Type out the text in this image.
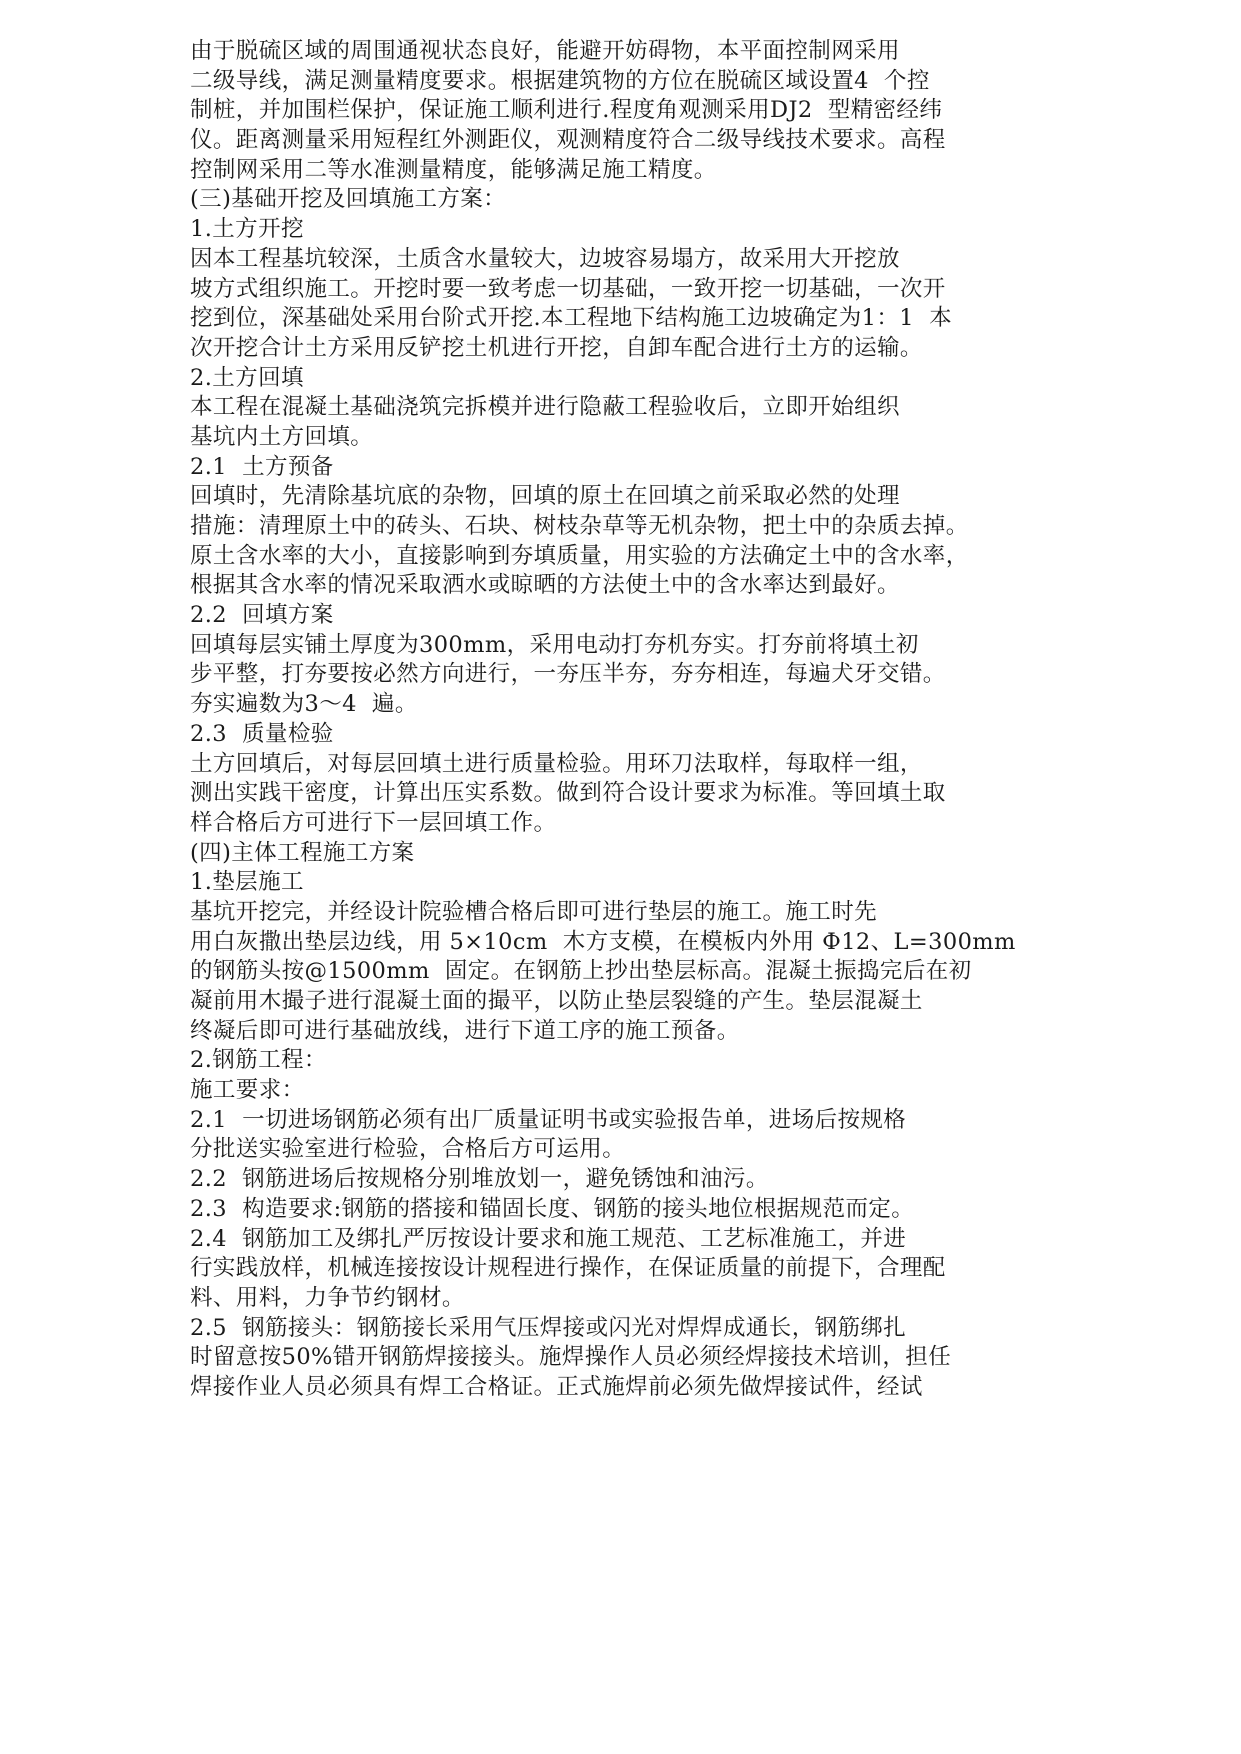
由于脱硫区域的周围通视状态良好，能避开妨碍物，本平面控制网采用
二级导线，满足测量精度要求。根据建筑物的方位在脱硫区域设置4  个控
制桩，并加围栏保护，保证施工顺利进行.程度角观测采用DJ2  型精密经纬
仪。距离测量采用短程红外测距仪，观测精度符合二级导线技术要求。高程
控制网采用二等水准测量精度，能够满足施工精度。
(三)基础开挖及回填施工方案：
1.土方开挖
因本工程基坑较深，土质含水量较大，边坡容易塌方，故采用大开挖放
坡方式组织施工。开挖时要一致考虑一切基础，一致开挖一切基础，一次开
挖到位，深基础处采用台阶式开挖.本工程地下结构施工边坡确定为1：1  本
次开挖合计土方采用反铲挖土机进行开挖，自卸车配合进行土方的运输。
2.土方回填
本工程在混凝土基础浇筑完拆模并进行隐蔽工程验收后，立即开始组织
基坑内土方回填。
2.1  土方预备
回填时，先清除基坑底的杂物，回填的原土在回填之前采取必然的处理
措施：清理原土中的砖头、石块、树枝杂草等无机杂物，把土中的杂质去掉。
原土含水率的大小，直接影响到夯填质量，用实验的方法确定土中的含水率，
根据其含水率的情况采取洒水或晾晒的方法使土中的含水率达到最好。
2.2  回填方案
回填每层实铺土厚度为300mm，采用电动打夯机夯实。打夯前将填土初
步平整，打夯要按必然方向进行，一夯压半夯，夯夯相连，每遍犬牙交错。
夯实遍数为3～4  遍。
2.3  质量检验
土方回填后，对每层回填土进行质量检验。用环刀法取样，每取样一组，
测出实践干密度，计算出压实系数。做到符合设计要求为标准。等回填土取
样合格后方可进行下一层回填工作。
(四)主体工程施工方案
1.垫层施工
基坑开挖完，并经设计院验槽合格后即可进行垫层的施工。施工时先
用白灰撒出垫层边线，用 5×10cm  木方支模，在模板内外用 Ф12、L=300mm
的钢筋头按@1500mm  固定。在钢筋上抄出垫层标高。混凝土振捣完后在初
凝前用木撮子进行混凝土面的撮平，以防止垫层裂缝的产生。垫层混凝土
终凝后即可进行基础放线，进行下道工序的施工预备。
2.钢筋工程：
施工要求：
2.1  一切进场钢筋必须有出厂质量证明书或实验报告单，进场后按规格
分批送实验室进行检验，合格后方可运用。
2.2  钢筋进场后按规格分别堆放划一，避免锈蚀和油污。
2.3  构造要求:钢筋的搭接和锚固长度、钢筋的接头地位根据规范而定。
2.4  钢筋加工及绑扎严厉按设计要求和施工规范、工艺标准施工，并进
行实践放样，机械连接按设计规程进行操作，在保证质量的前提下，合理配
料、用料，力争节约钢材。
2.5  钢筋接头：钢筋接长采用气压焊接或闪光对焊焊成通长，钢筋绑扎
时留意按50%错开钢筋焊接接头。施焊操作人员必须经焊接技术培训，担任
焊接作业人员必须具有焊工合格证。正式施焊前必须先做焊接试件，经试
